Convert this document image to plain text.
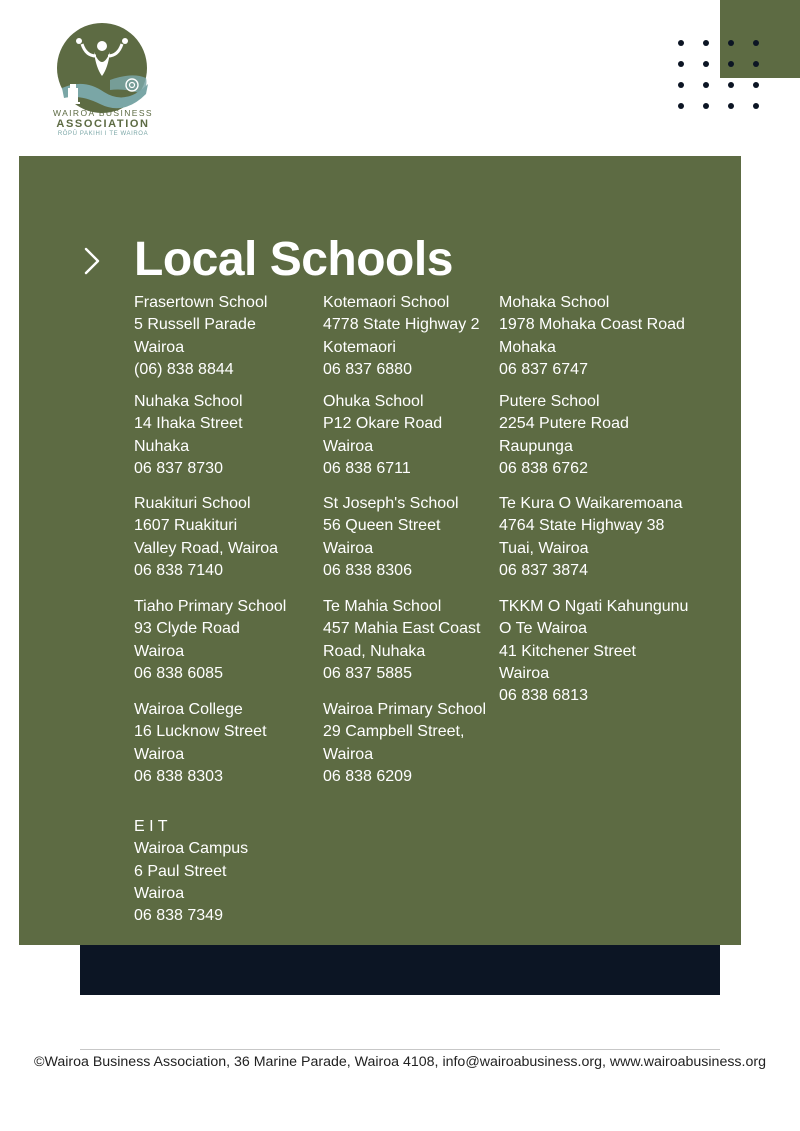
WAIROA BUSINESS
ASSOCIATION
RŌPŪ PAKIHI I TE WAIROA
Local Schools
Frasertown School
5 Russell Parade
Wairoa
(06) 838 8844
Kotemaori School
4778 State Highway 2
Kotemaori
06 837 6880
Mohaka School
1978 Mohaka Coast Road
Mohaka
06 837 6747
Nuhaka School
14 Ihaka Street
Nuhaka
06 837 8730
Ohuka School
P12 Okare Road
Wairoa
06 838 6711
Putere School
2254 Putere Road
Raupunga
06 838 6762
Ruakituri School
1607 Ruakituri
Valley Road, Wairoa
06 838 7140
St Joseph's School
56 Queen Street
Wairoa
06 838 8306
Te Kura O Waikaremoana
4764 State Highway 38
Tuai, Wairoa
06 837 3874
Tiaho Primary School
93 Clyde Road
Wairoa
06 838 6085
Te Mahia School
457 Mahia East Coast
Road, Nuhaka
06 837 5885
TKKM O Ngati Kahungunu
O Te Wairoa
41 Kitchener Street
Wairoa
06 838 6813
Wairoa College
16 Lucknow Street
Wairoa
06 838 8303
Wairoa Primary School
29 Campbell Street,
Wairoa
06 838 6209
E I T
Wairoa Campus
6 Paul Street
Wairoa
06 838 7349
©Wairoa Business Association, 36 Marine Parade, Wairoa 4108, info@wairoabusiness.org, www.wairoabusiness.org
